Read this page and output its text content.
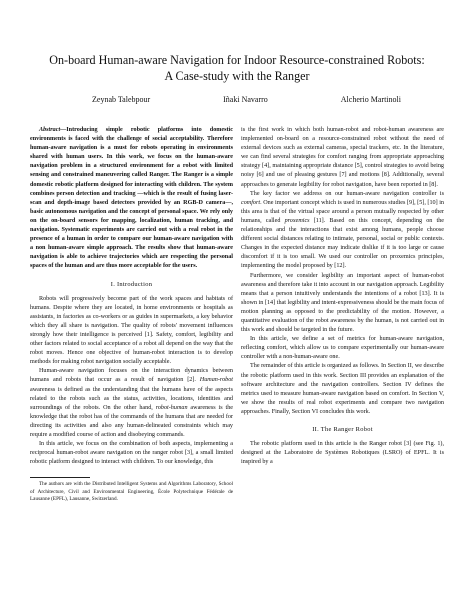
On-board Human-aware Navigation for Indoor Resource-constrained Robots:
A Case-study with the Ranger
Zeynab Talebpour	Iñaki Navarro	Alcherio Martinoli

Abstract—Introducing simple robotic platforms into domestic environments is faced with the challenge of social acceptability. Therefore human-aware navigation is a must for robots operating in environments shared with human users. In this work, we focus on the human-aware navigation problem in a structured environment for a robot with limited sensing and constrained maneuvering called Ranger. The Ranger is a simple domestic robotic platform designed for interacting with children. The system combines person detection and tracking —which is the result of fusing laser-scan and depth-image based detectors provided by an RGB-D camera—, basic autonomous navigation and the concept of personal space. We rely only on the on-board sensors for mapping, localization, human tracking, and navigation. Systematic experiments are carried out with a real robot in the presence of a human in order to compare our human-aware navigation with a non human-aware simple approach. The results show that human-aware navigation is able to achieve trajectories which are respecting the personal spaces of the human and are thus more acceptable for the users.

I. Introduction

Robots will progressively become part of the work spaces and habitats of humans. Despite where they are located, in home environments or hospitals as assistants, in factories as co-workers or as guides in supermarkets, a key behavior which they all share is navigation. The quality of robots' movement influences strongly how their intelligence is perceived [1]. Safety, comfort, legibility and other factors related to social acceptance of a robot all depend on the way that the robot moves. Hence one objective of human-robot interaction is to develop methods for making robot navigation socially acceptable.

Human-aware navigation focuses on the interaction dynamics between humans and robots that occur as a result of navigation [2]. Human-robot awareness is defined as the understanding that the humans have of the aspects related to the robots such as the status, activities, locations, identities and surroundings of the robots. On the other hand, robot-human awareness is the knowledge that the robot has of the commands of the humans that are needed for directing its activities and also any human-delineated constraints which may require a modified course of action and disobeying commands.

In this article, we focus on the combination of both aspects, implementing a reciprocal human-robot aware navigation on the ranger robot [3], a small limited robotic platform designed to interact with children. To our knowledge, this

The authors are with the Distributed Intelligent Systems and Algorithms Laboratory, School of Architecture, Civil and Environmental Engineering, École Polytechnique Fédérale de Lausanne (EPFL), Lausanne, Switzerland.

is the first work in which both human-robot and robot-human awareness are implemented on-board on a resource-constrained robot without the need of external devices such as external cameras, special trackers, etc. In the literature, we can find several strategies for comfort ranging from appropriate approaching strategy [4], maintaining appropriate distance [5], control strategies to avoid being noisy [6] and use of pleasing gestures [7] and motions [8]. Additionally, several approaches to generate legibility for robot navigation, have been reported in [8].

The key factor we address on our human-aware navigation controller is comfort. One important concept which is used in numerous studies [9], [5], [10] in this area is that of the virtual space around a person mutually respected by other humans, called proxemics [11]. Based on this concept, depending on the relationships and the interactions that exist among humans, people choose different social distances relating to intimate, personal, social or public contexts. Changes in the expected distance may indicate dislike if it is too large or cause discomfort if it is too small. We used our controller on proxemics principles, implementing the model proposed by [12].

Furthermore, we consider legibility an important aspect of human-robot awareness and therefore take it into account in our navigation approach. Legibility means that a person intuitively understands the intentions of a robot [13]. It is shown in [14] that legibility and intent-expressiveness should be the main focus of motion planning as opposed to the predictability of the motion. However, a quantitative evaluation of the robot awareness by the human, is not carried out in this work and should be targeted in the future.

In this article, we define a set of metrics for human-aware navigation, reflecting comfort, which allow us to compare experimentally our human-aware controller with a non-human-aware one.

The remainder of this article is organized as follows. In Section II, we describe the robotic platform used in this work. Section III provides an explanation of the software architecture and the navigation controllers. Section IV defines the metrics used to measure human-aware navigation based on comfort. In Section V, we show the results of real robot experiments and compare two navigation approaches. Finally, Section VI concludes this work.

II. The Ranger Robot

The robotic platform used in this article is the Ranger robot [3] (see Fig. 1), designed at the Laboratoire de Systèmes Robotiques (LSRO) of EPFL. It is inspired by a
